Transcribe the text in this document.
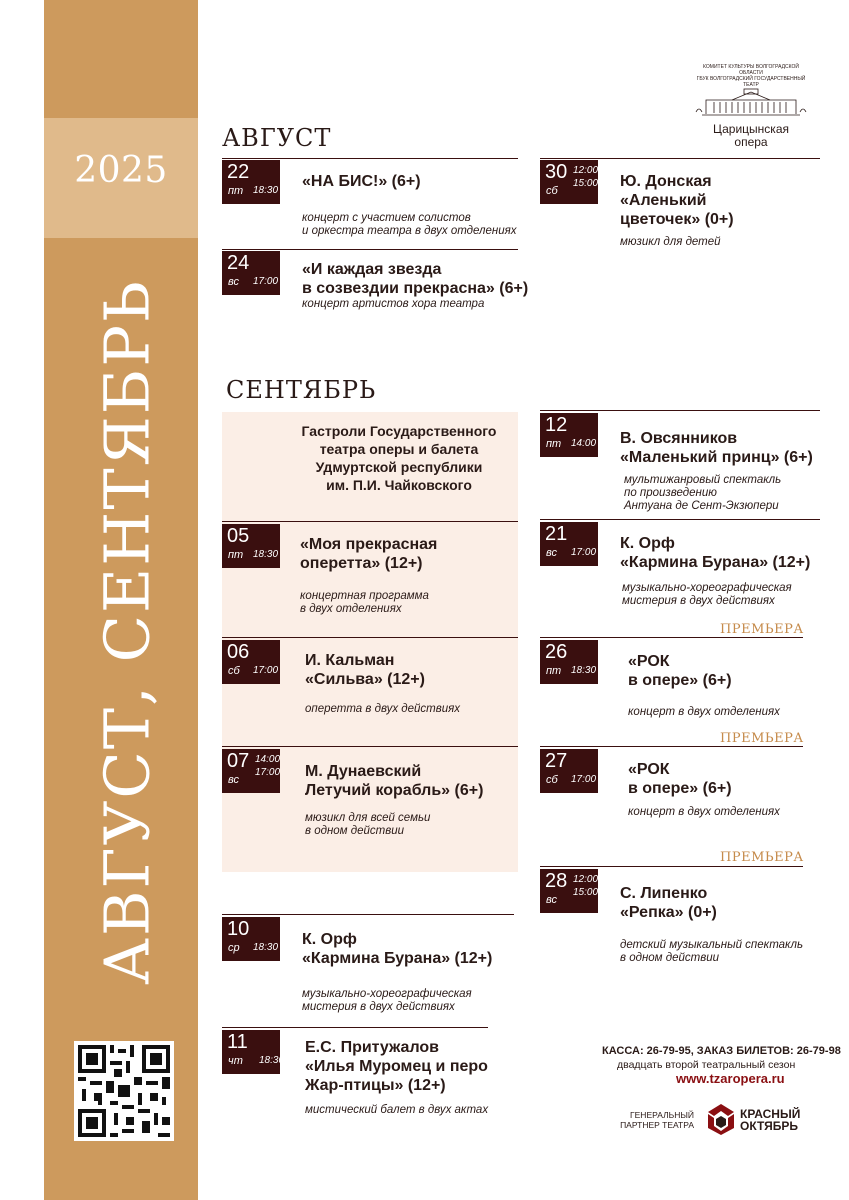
2025
АВГУСТ, СЕНТЯБРЬ
КОМИТЕТ КУЛЬТУРЫ ВОЛГОГРАДСКОЙ ОБЛАСТИ
ГБУК ВОЛГОГРАДСКИЙ ГОСУДАРСТВЕННЫЙ ТЕАТР
Царицынская
опера
АВГУСТ
22
пт 18:30
«НА БИС!» (6+)
концерт с участием солистов
и оркестра театра в двух отделениях
24
вс 17:00
«И каждая звезда
в созвездии прекрасна» (6+)
концерт артистов хора театра
30
сб
12:00
15:00 Ю. Донская
«Аленький
цветочек» (0+)
мюзикл для детей
СЕНТЯБРЬ
Гастроли Государственного
театра оперы и балета
Удмуртской республики
им. П.И. Чайковского
05
пт 18:30
«Моя прекрасная
оперетта» (12+)
концертная программа
в двух отделениях
06
сб 17:00
И. Кальман
«Сильва» (12+)
оперетта в двух действиях
07
вс
14:00
17:00 М. Дунаевский
Летучий корабль» (6+)
мюзикл для всей семьи
в одном действии
10
ср 18:30 К. Орф
«Кармина Бурана» (12+)
музыкально-хореографическая
мистерия в двух действиях
11
чт 18:30
Е.С. Притужалов
«Илья Муромец и перо
Жар-птицы» (12+)
мистический балет в двух актах
12
пт 14:00 В. Овсянников
«Маленький принц» (6+)
мультижанровый спектакль
по произведению
Антуана де Сент-Экзюпери
21
вс 17:00
К. Орф
«Кармина Бурана» (12+)
музыкально-хореографическая
мистерия в двух действиях
ПРЕМЬЕРА
26
пт 18:30
«РОК
в опере» (6+)
концерт в двух отделениях
ПРЕМЬЕРА
27
сб 17:00
«РОК
в опере» (6+)
концерт в двух отделениях
ПРЕМЬЕРА
28
вс
12:00
15:00 С. Липенко
«Репка» (0+)
детский музыкальный спектакль
в одном действии
КАССА: 26-79-95, ЗАКАЗ БИЛЕТОВ: 26-79-98
двадцать второй театральный сезон
www.tzaropera.ru
ГЕНЕРАЛЬНЫЙ
ПАРТНЕР ТЕАТРА
КРАСНЫЙ
ОКТЯБРЬ
